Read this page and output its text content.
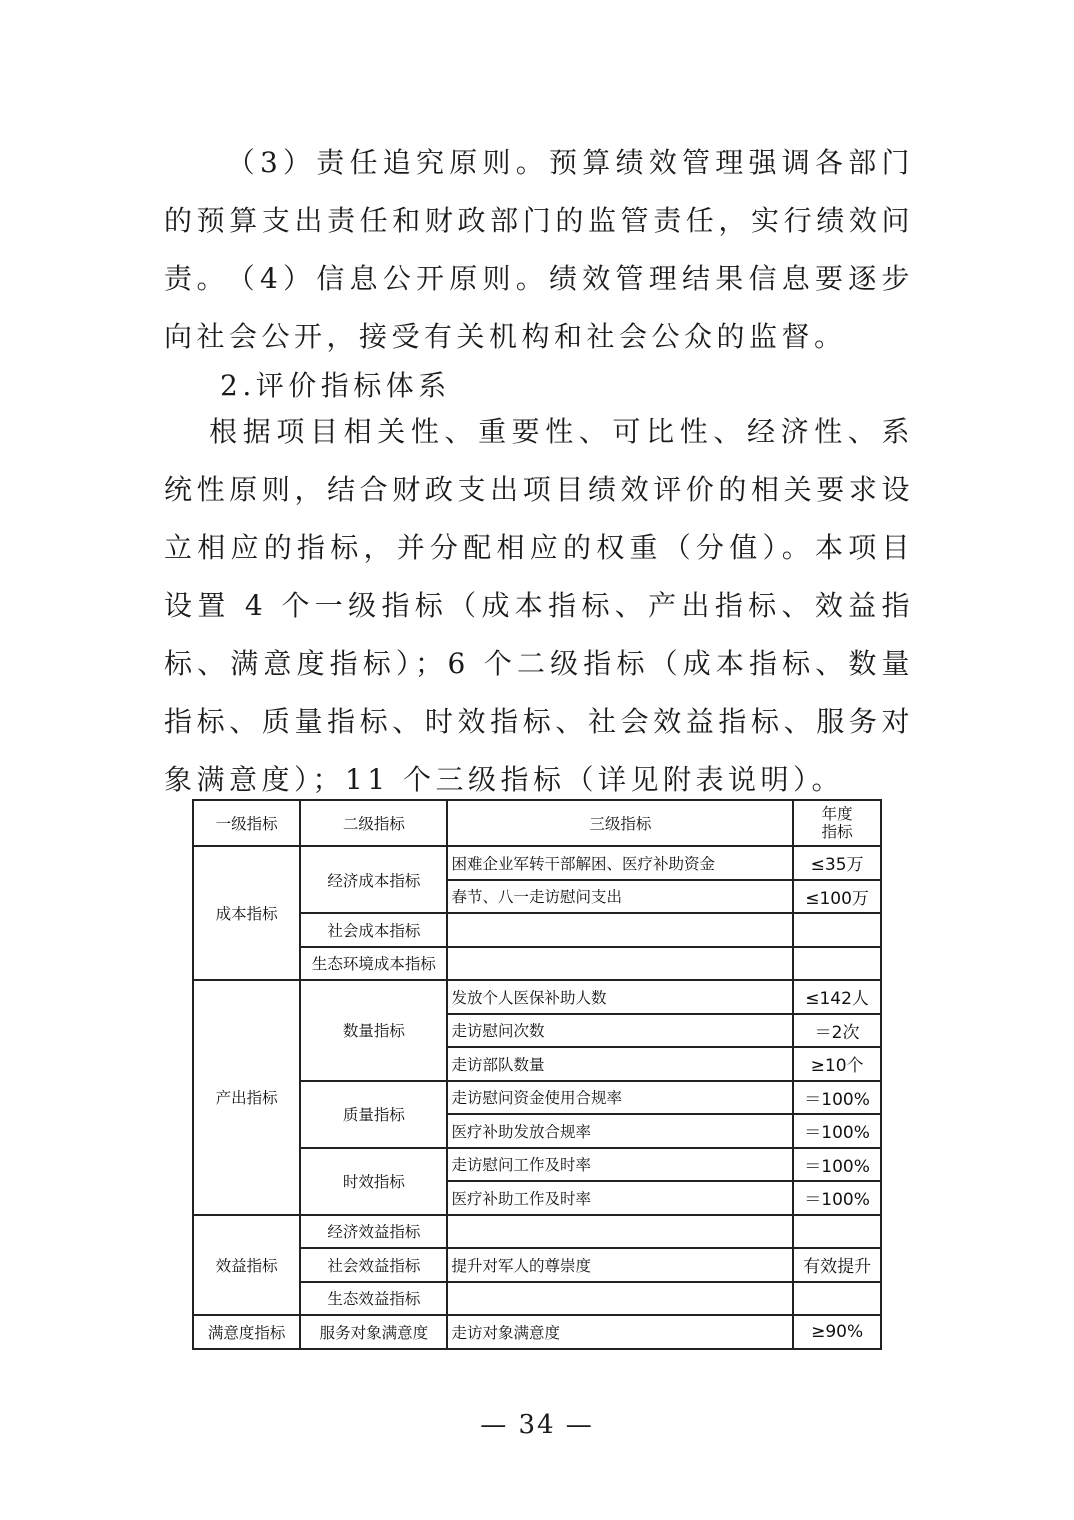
（3）责任追究原则。预算绩效管理强调各部门的预算支出责任和财政部门的监管责任，实行绩效问责。

（4）信息公开原则。绩效管理结果信息要逐步向社会公开，接受有关机构和社会公众的监督。

2.评价指标体系

根据项目相关性、重要性、可比性、经济性、系统性原则，结合财政支出项目绩效评价的相关要求设立相应的指标，并分配相应的权重（分值）。本项目设置 4 个一级指标（成本指标、产出指标、效益指标、满意度指标）；6 个二级指标（成本指标、数量指标、质量指标、时效指标、社会效益指标、服务对象满意度）；11 个三级指标（详见附表说明）。

一级指标	二级指标	三级指标	年度
指标
成本指标	经济成本指标	困难企业军转干部解困、医疗补助资金	≤35万
		春节、八一走访慰问支出	≤100万
	社会成本指标		
	生态环境成本指标		
产出指标	数量指标	发放个人医保补助人数	≤142人
		走访慰问次数	＝2次
		走访部队数量	≥10个
	质量指标	走访慰问资金使用合规率	＝100%
		医疗补助发放合规率	＝100%
	时效指标	走访慰问工作及时率	＝100%
		医疗补助工作及时率	＝100%
效益指标	经济效益指标		
	社会效益指标	提升对军人的尊崇度	有效提升
	生态效益指标		
满意度指标	服务对象满意度	走访对象满意度	≥90%
— 34 —
